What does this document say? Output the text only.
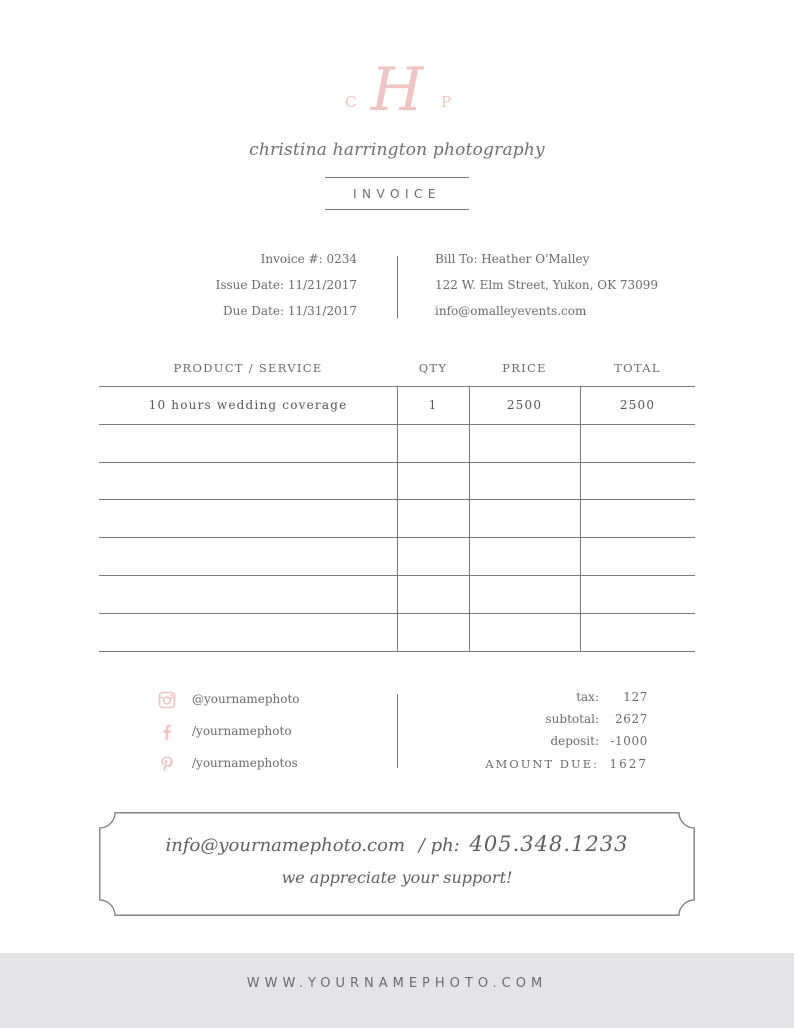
H
C	P
christina harrington photography
INVOICE
Invoice #: 0234
Issue Date: 11/21/2017
Due Date: 11/31/2017
Bill To: Heather O'Malley
122 W. Elm Street, Yukon, OK 73099
info@omalleyevents.com
PRODUCT / SERVICE	QTY	PRICE	TOTAL
10 hours wedding coverage	1	2500	2500
@yournamephoto
/yournamephoto
/yournamephotos
tax: 127
subtotal: 2627
deposit: -1000
AMOUNT DUE: 1627
info@yournamephoto.com / ph: 405.348.1233
we appreciate your support!
WWW.YOURNAMEPHOTO.COM
